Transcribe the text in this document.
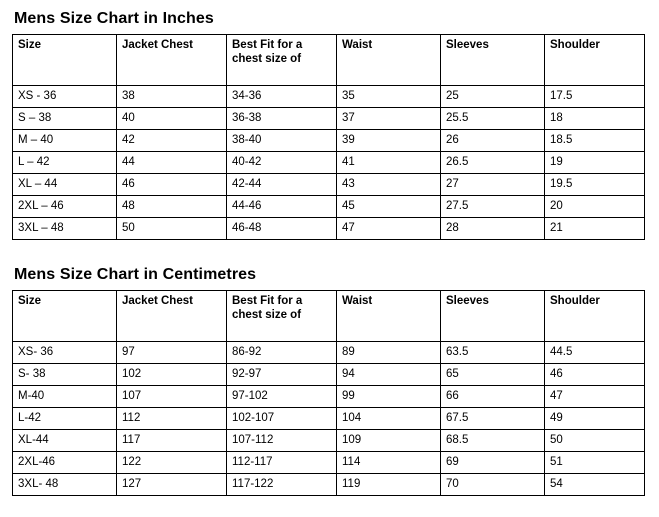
Mens Size Chart in Inches
Size	Jacket Chest	Best Fit for a chest size of	Waist	Sleeves	Shoulder
XS - 36	38	34-36	35	25	17.5
S – 38	40	36-38	37	25.5	18
M – 40	42	38-40	39	26	18.5
L – 42	44	40-42	41	26.5	19
XL – 44	46	42-44	43	27	19.5
2XL – 46	48	44-46	45	27.5	20
3XL – 48	50	46-48	47	28	21
Mens Size Chart in Centimetres
Size	Jacket Chest	Best Fit for a chest size of	Waist	Sleeves	Shoulder
XS- 36	97	86-92	89	63.5	44.5
S- 38	102	92-97	94	65	46
M-40	107	97-102	99	66	47
L-42	112	102-107	104	67.5	49
XL-44	117	107-112	109	68.5	50
2XL-46	122	112-117	114	69	51
3XL- 48	127	117-122	119	70	54
